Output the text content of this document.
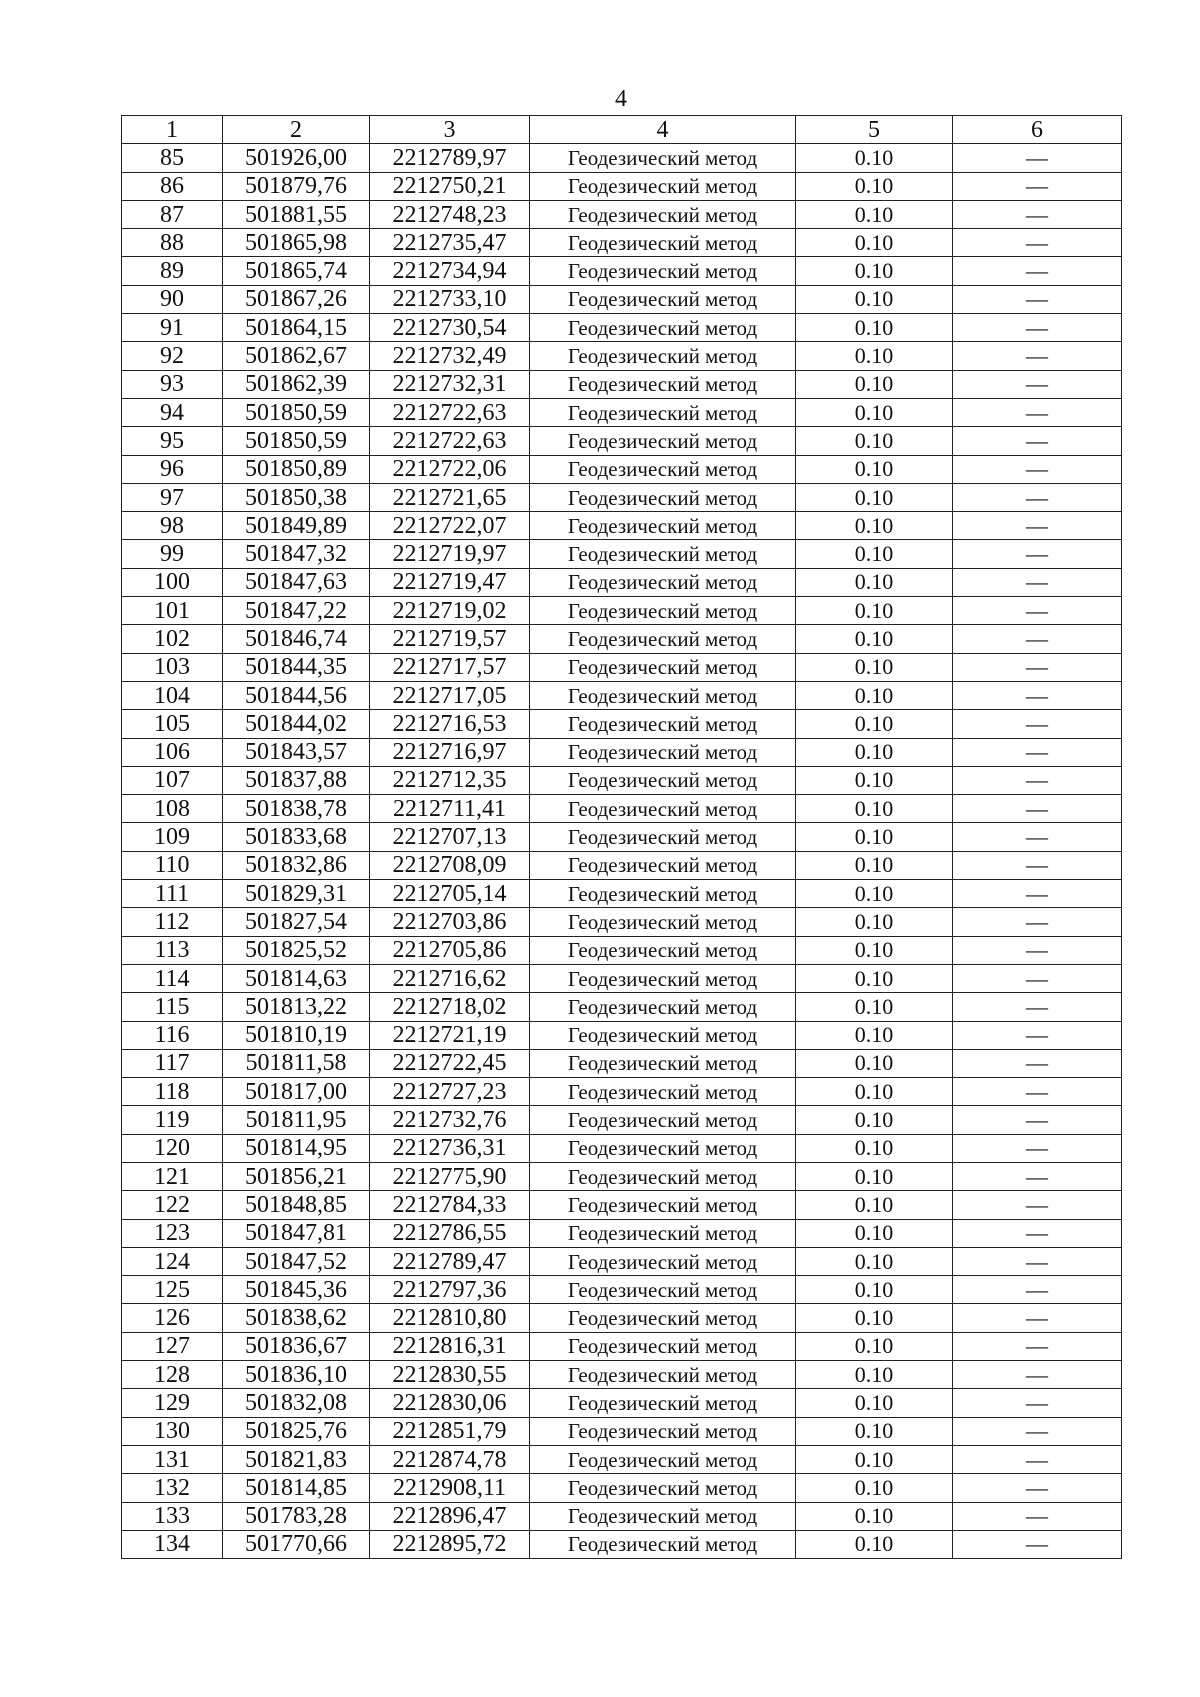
4
1	2	3	4	5	6
85	501926,00	2212789,97	Геодезический метод	0.10	—
86	501879,76	2212750,21	Геодезический метод	0.10	—
87	501881,55	2212748,23	Геодезический метод	0.10	—
88	501865,98	2212735,47	Геодезический метод	0.10	—
89	501865,74	2212734,94	Геодезический метод	0.10	—
90	501867,26	2212733,10	Геодезический метод	0.10	—
91	501864,15	2212730,54	Геодезический метод	0.10	—
92	501862,67	2212732,49	Геодезический метод	0.10	—
93	501862,39	2212732,31	Геодезический метод	0.10	—
94	501850,59	2212722,63	Геодезический метод	0.10	—
95	501850,59	2212722,63	Геодезический метод	0.10	—
96	501850,89	2212722,06	Геодезический метод	0.10	—
97	501850,38	2212721,65	Геодезический метод	0.10	—
98	501849,89	2212722,07	Геодезический метод	0.10	—
99	501847,32	2212719,97	Геодезический метод	0.10	—
100	501847,63	2212719,47	Геодезический метод	0.10	—
101	501847,22	2212719,02	Геодезический метод	0.10	—
102	501846,74	2212719,57	Геодезический метод	0.10	—
103	501844,35	2212717,57	Геодезический метод	0.10	—
104	501844,56	2212717,05	Геодезический метод	0.10	—
105	501844,02	2212716,53	Геодезический метод	0.10	—
106	501843,57	2212716,97	Геодезический метод	0.10	—
107	501837,88	2212712,35	Геодезический метод	0.10	—
108	501838,78	2212711,41	Геодезический метод	0.10	—
109	501833,68	2212707,13	Геодезический метод	0.10	—
110	501832,86	2212708,09	Геодезический метод	0.10	—
111	501829,31	2212705,14	Геодезический метод	0.10	—
112	501827,54	2212703,86	Геодезический метод	0.10	—
113	501825,52	2212705,86	Геодезический метод	0.10	—
114	501814,63	2212716,62	Геодезический метод	0.10	—
115	501813,22	2212718,02	Геодезический метод	0.10	—
116	501810,19	2212721,19	Геодезический метод	0.10	—
117	501811,58	2212722,45	Геодезический метод	0.10	—
118	501817,00	2212727,23	Геодезический метод	0.10	—
119	501811,95	2212732,76	Геодезический метод	0.10	—
120	501814,95	2212736,31	Геодезический метод	0.10	—
121	501856,21	2212775,90	Геодезический метод	0.10	—
122	501848,85	2212784,33	Геодезический метод	0.10	—
123	501847,81	2212786,55	Геодезический метод	0.10	—
124	501847,52	2212789,47	Геодезический метод	0.10	—
125	501845,36	2212797,36	Геодезический метод	0.10	—
126	501838,62	2212810,80	Геодезический метод	0.10	—
127	501836,67	2212816,31	Геодезический метод	0.10	—
128	501836,10	2212830,55	Геодезический метод	0.10	—
129	501832,08	2212830,06	Геодезический метод	0.10	—
130	501825,76	2212851,79	Геодезический метод	0.10	—
131	501821,83	2212874,78	Геодезический метод	0.10	—
132	501814,85	2212908,11	Геодезический метод	0.10	—
133	501783,28	2212896,47	Геодезический метод	0.10	—
134	501770,66	2212895,72	Геодезический метод	0.10	—
